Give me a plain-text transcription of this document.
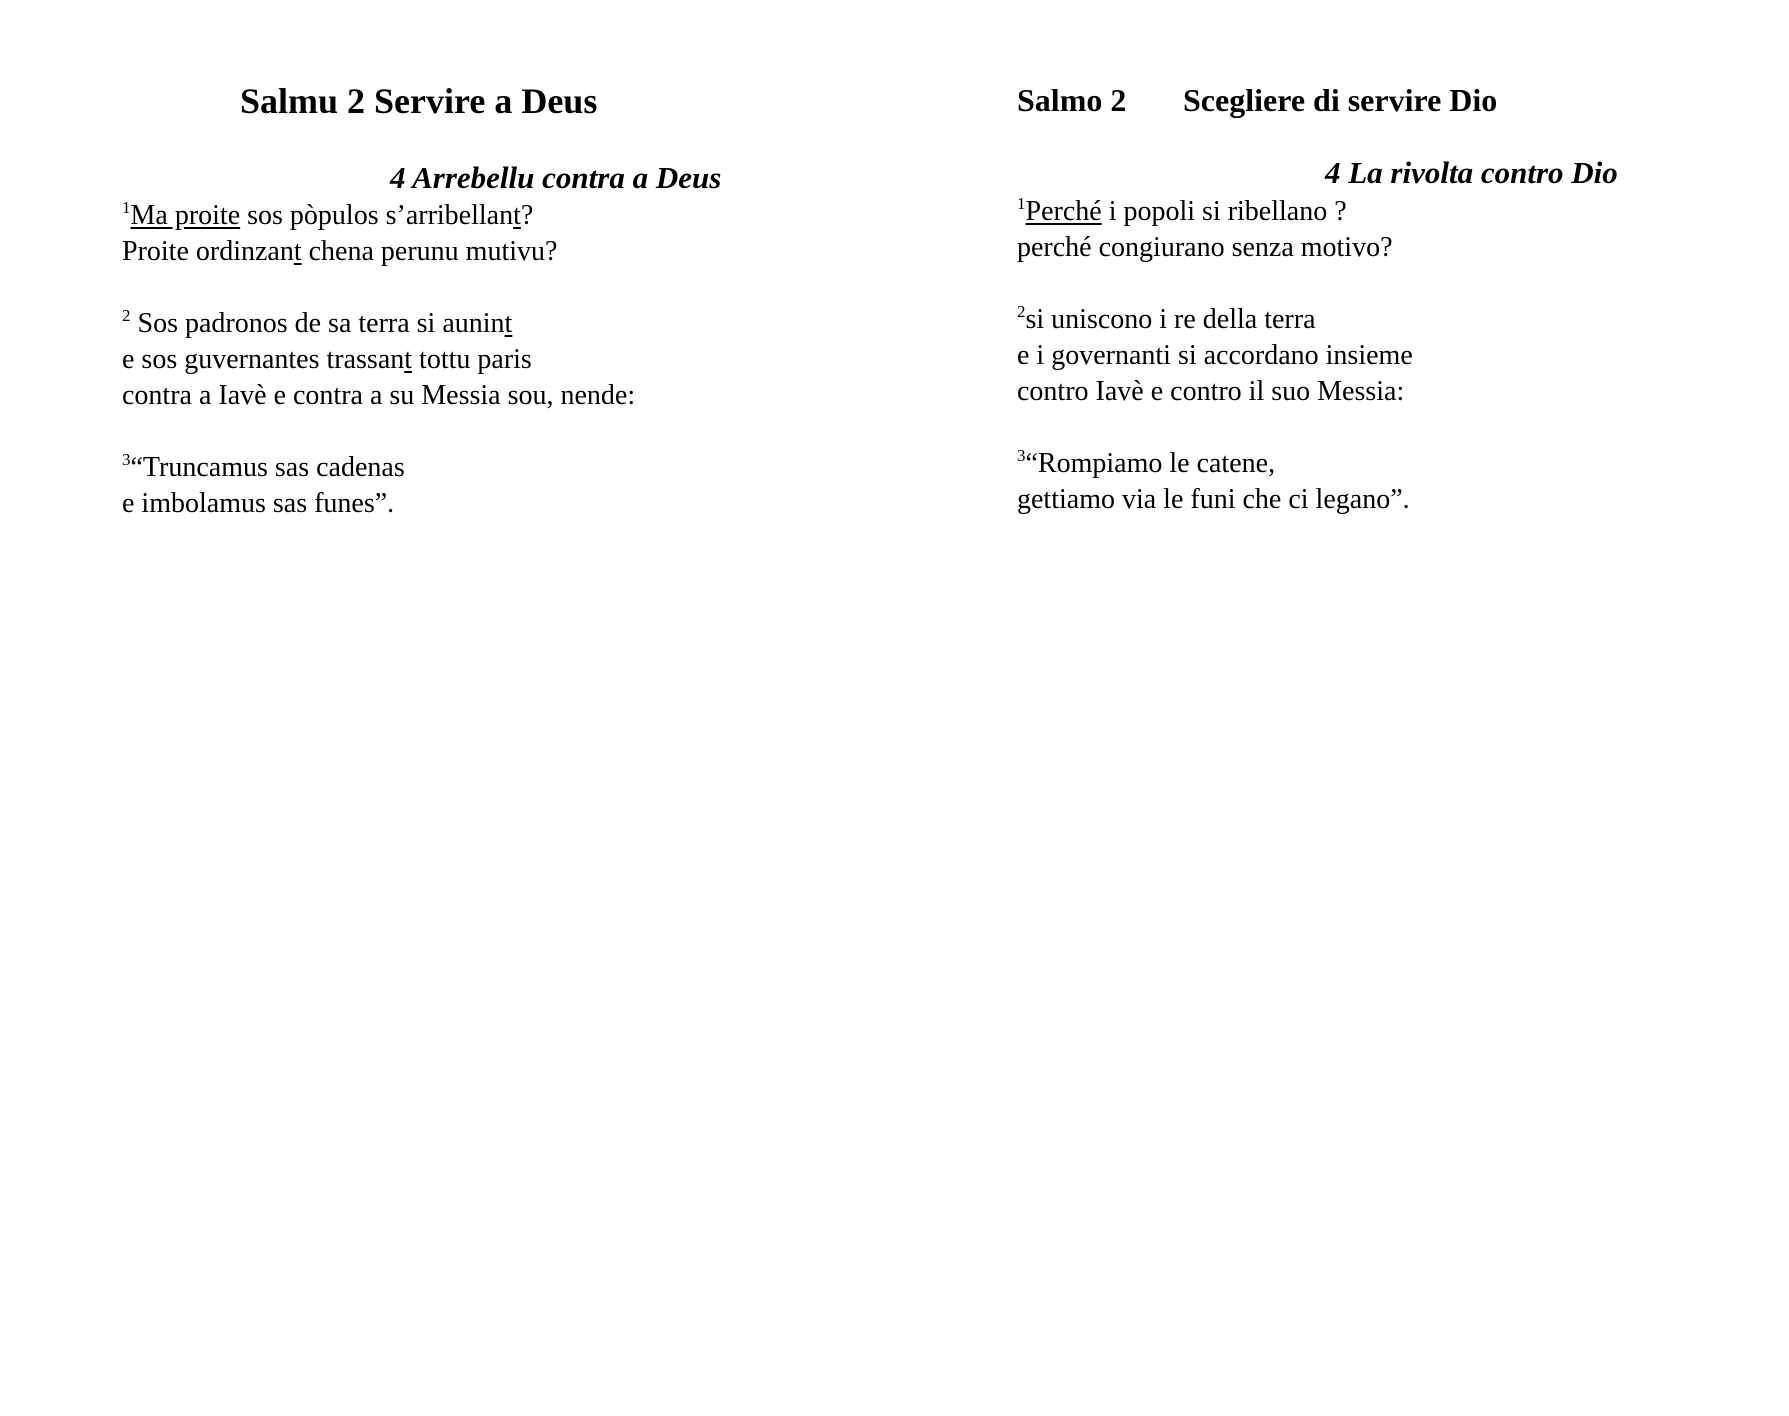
Salmu 2 Servire a Deus
4 Arrebellu contra a Deus
$^1$Ma proite sos pòpulos s’arribellant?
Proite ordinzant chena perunu mutivu?
$^2$ Sos padronos de sa terra si aunint
e sos guvernantes trassant tottu paris
contra a Iavè e contra a su Messia sou, nende:
$^3$“Truncamus sas cadenas
e imbolamus sas funes”.
Salmo 2 Scegliere di servire Dio
4 La rivolta contro Dio
$^1$Perché i popoli si ribellano ?
perché congiurano senza motivo?
$^2$si uniscono i re della terra
e i governanti si accordano insieme
contro Iavè e contro il suo Messia:
$^3$“Rompiamo le catene,
gettiamo via le funi che ci legano”.
